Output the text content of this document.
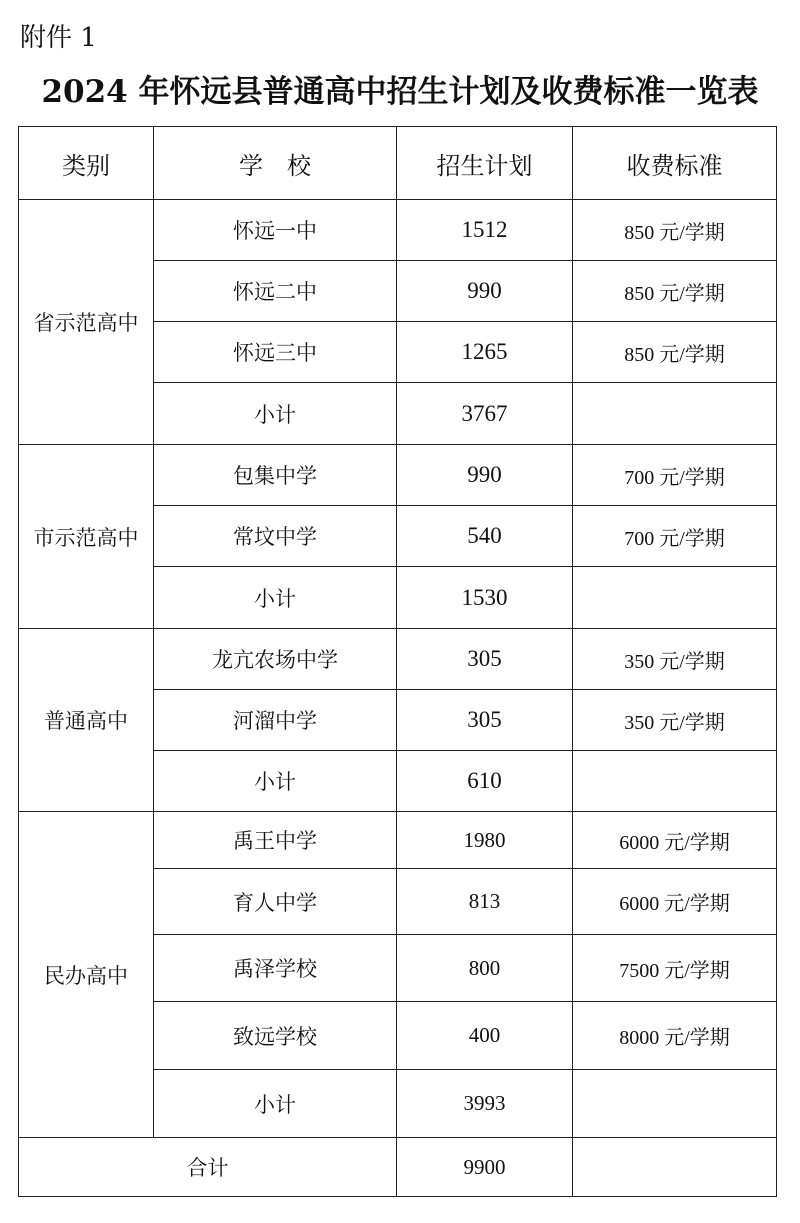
附件 1
2024 年怀远县普通高中招生计划及收费标准一览表
类别	学　校	招生计划	收费标准
省示范高中	怀远一中	1512	850 元/学期
	怀远二中	990	850 元/学期
	怀远三中	1265	850 元/学期
	小计	3767	
市示范高中	包集中学	990	700 元/学期
	常坟中学	540	700 元/学期
	小计	1530	
普通高中	龙亢农场中学	305	350 元/学期
	河溜中学	305	350 元/学期
	小计	610	
民办高中	禹王中学	1980	6000 元/学期
	育人中学	813	6000 元/学期
	禹泽学校	800	7500 元/学期
	致远学校	400	8000 元/学期
	小计	3993	
合计		9900	
